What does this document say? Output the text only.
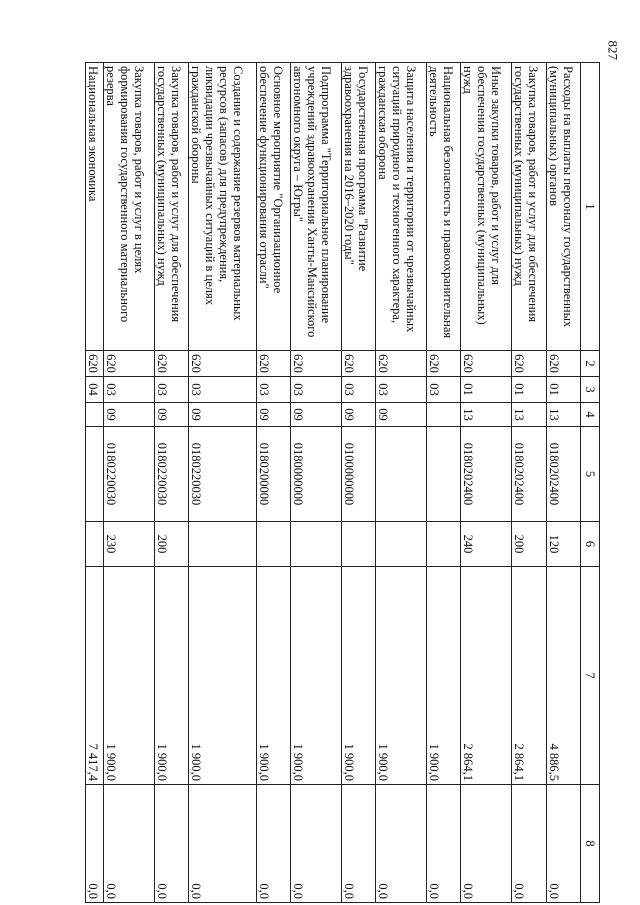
827
1	2	3	4	5	6	7	8
Расходы на выплаты персоналу государственных (муниципальных) органов	620	01	13	0180202400	120	4 886,5	0,0
Закупка товаров, работ и услуг для обеспечения государственных (муниципальных) нужд	620	01	13	0180202400	200	2 864,1	0,0
Иные закупки товаров, работ и услуг для обеспечения государственных (муниципальных) нужд	620	01	13	0180202400	240	2 864,1	0,0
Национальная безопасность и правоохранительная деятельность	620	03				1 900,0	0,0
Защита населения и территории от чрезвычайных ситуаций природного и техногенного характера, гражданская оборона	620	03	09			1 900,0	0,0
Государственная программа "Развитие здравоохранения на 2016–2020 годы"	620	03	09	0100000000		1 900,0	0,0
Подпрограмма "Территориальное планирование учреждений здравоохранения Ханты-Мансийского автономного округа – Югры"	620	03	09	0180000000		1 900,0	0,0
Основное мероприятие "Организационное обеспечение функционирования отрасли"	620	03	09	0180200000		1 900,0	0,0
Создание и содержание резервов материальных ресурсов (запасов) для предупреждения, ликвидации чрезвычайных ситуаций в целях гражданской обороны	620	03	09	0180220030		1 900,0	0,0
Закупка товаров, работ и услуг для обеспечения государственных (муниципальных) нужд	620	03	09	0180220030	200	1 900,0	0,0
Закупка товаров, работ и услуг в целях формирования государственного материального резерва	620	03	09	0180220030	230	1 900,0	0,0
Национальная экономика	620	04				7 417,4	0,0
